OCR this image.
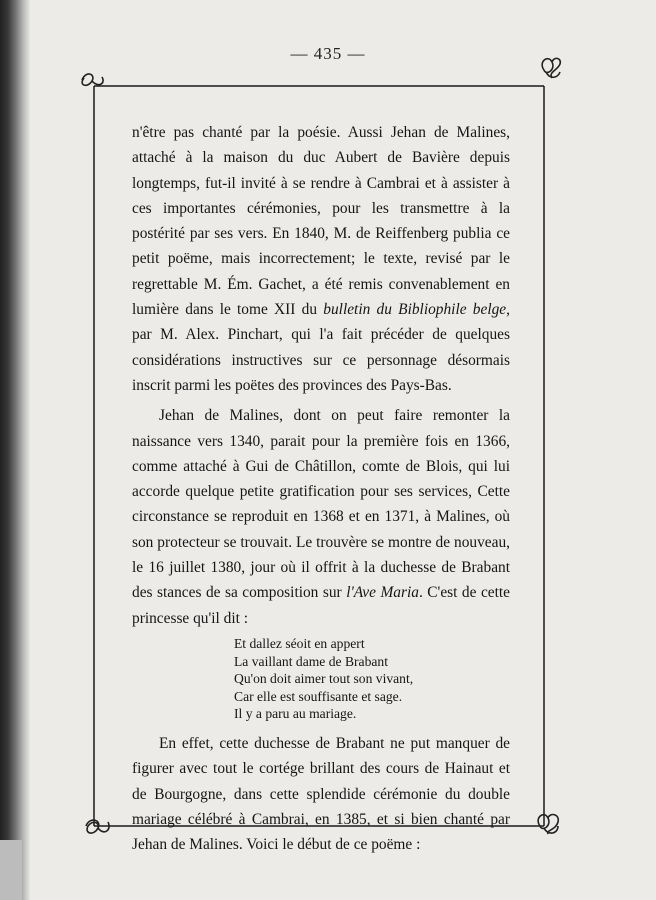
— 435 —

n'être pas chanté par la poésie. Aussi Jehan de Malines, attaché à la maison du duc Aubert de Bavière depuis longtemps, fut-il invité à se rendre à Cambrai et à assister à ces importantes cérémonies, pour les transmettre à la postérité par ses vers. En 1840, M. de Reiffenberg publia ce petit poëme, mais incorrectement; le texte, revisé par le regrettable M. Ém. Gachet, a été remis convenablement en lumière dans le tome XII du bulletin du Bibliophile belge, par M. Alex. Pinchart, qui l'a fait précéder de quelques considérations instructives sur ce personnage désormais inscrit parmi les poëtes des provinces des Pays-Bas.

Jehan de Malines, dont on peut faire remonter la naissance vers 1340, parait pour la première fois en 1366, comme attaché à Gui de Châtillon, comte de Blois, qui lui accorde quelque petite gratification pour ses services, Cette circonstance se reproduit en 1368 et en 1371, à Malines, où son protecteur se trouvait. Le trouvère se montre de nouveau, le 16 juillet 1380, jour où il offrit à la duchesse de Brabant des stances de sa composition sur l'Ave Maria. C'est de cette princesse qu'il dit :

Et dallez séoit en appert
La vaillant dame de Brabant
Qu'on doit aimer tout son vivant,
Car elle est souffisante et sage.
Il y a paru au mariage.

En effet, cette duchesse de Brabant ne put manquer de figurer avec tout le cortége brillant des cours de Hainaut et de Bourgogne, dans cette splendide cérémonie du double mariage célébré à Cambrai, en 1385, et si bien chanté par Jehan de Malines. Voici le début de ce poëme :
